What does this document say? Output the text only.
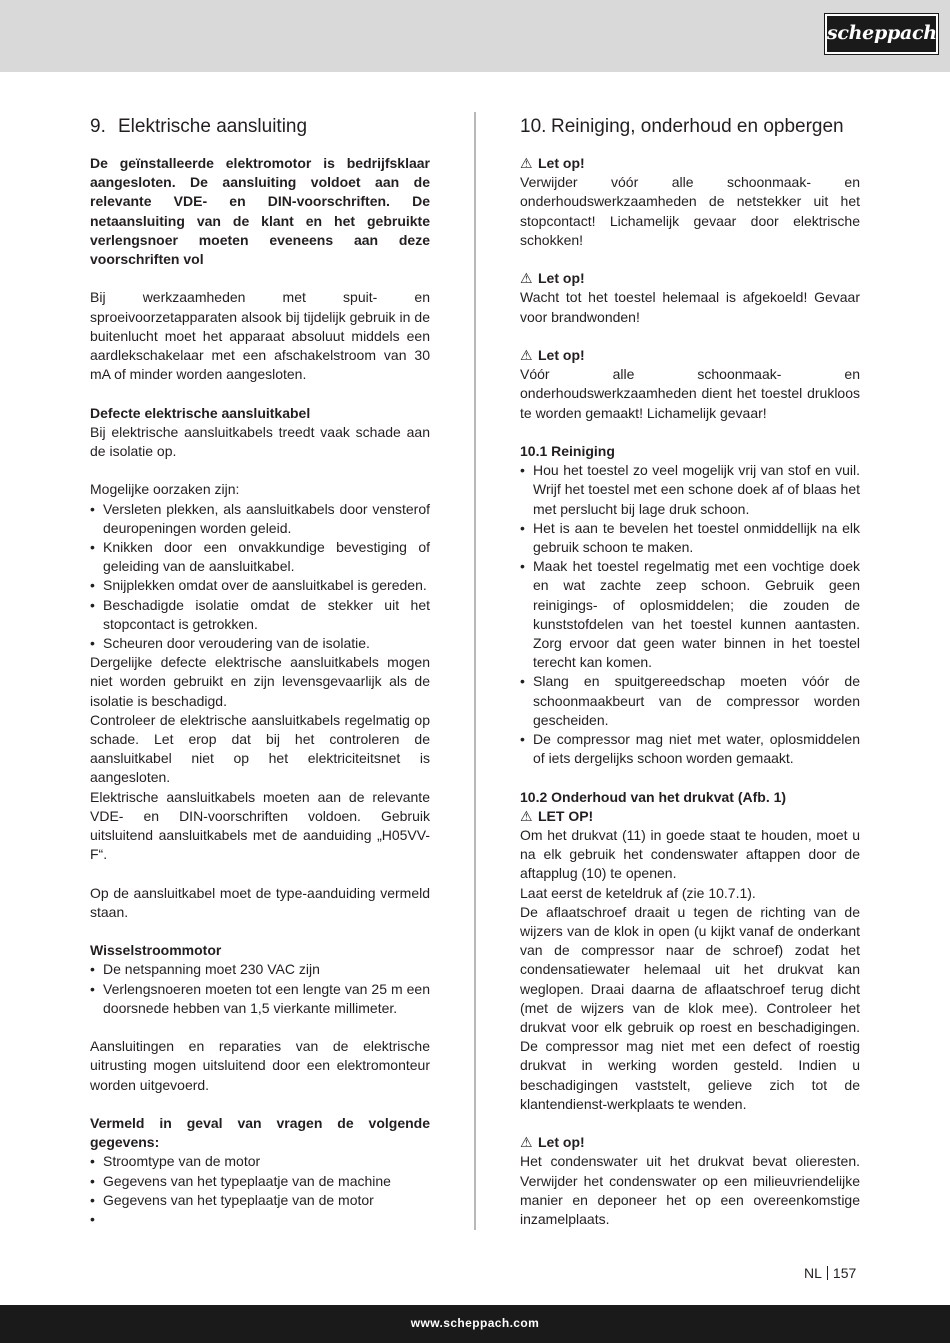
scheppach
9. Elektrische aansluiting

De geïnstalleerde elektromotor is bedrijfsklaar aangesloten. De aansluiting voldoet aan de relevante VDE- en DIN-voorschriften. De netaansluiting van de klant en het gebruikte verlengsnoer moeten eveneens aan deze voorschriften vol

Bij werkzaamheden met spuit- en sproeivoorzetapparaten alsook bij tijdelijk gebruik in de buitenlucht moet het apparaat absoluut middels een aardlekschakelaar met een afschakelstroom van 30 mA of minder worden aangesloten.

Defecte elektrische aansluitkabel

Bij elektrische aansluitkabels treedt vaak schade aan de isolatie op.

Mogelijke oorzaken zijn:

• Versleten plekken, als aansluitkabels door vensterof deuropeningen worden geleid.
• Knikken door een onvakkundige bevestiging of geleiding van de aansluitkabel.
• Snijplekken omdat over de aansluitkabel is gereden.
• Beschadigde isolatie omdat de stekker uit het stopcontact is getrokken.
• Scheuren door veroudering van de isolatie.

Dergelijke defecte elektrische aansluitkabels mogen niet worden gebruikt en zijn levensgevaarlijk als de isolatie is beschadigd.

Controleer de elektrische aansluitkabels regelmatig op schade. Let erop dat bij het controleren de aansluitkabel niet op het elektriciteitsnet is aangesloten.

Elektrische aansluitkabels moeten aan de relevante VDE- en DIN-voorschriften voldoen. Gebruik uitsluitend aansluitkabels met de aanduiding „H05VV-F“.

Op de aansluitkabel moet de type-aanduiding vermeld staan.

Wisselstroommotor

• De netspanning moet 230 VAC zijn
• Verlengsnoeren moeten tot een lengte van 25 m een doorsnede hebben van 1,5 vierkante millimeter.

Aansluitingen en reparaties van de elektrische uitrusting mogen uitsluitend door een elektromonteur worden uitgevoerd.

Vermeld in geval van vragen de volgende gegevens:

• Stroomtype van de motor
• Gegevens van het typeplaatje van de machine
• Gegevens van het typeplaatje van de motor
•
10. Reiniging, onderhoud en opbergen

⚠ Let op!

Verwijder vóór alle schoonmaak- en onderhoudswerkzaamheden de netstekker uit het stopcontact! Lichamelijk gevaar door elektrische schokken!

⚠ Let op!

Wacht tot het toestel helemaal is afgekoeld! Gevaar voor brandwonden!

⚠ Let op!

Vóór alle schoonmaak- en onderhoudswerkzaamheden dient het toestel drukloos te worden gemaakt! Lichamelijk gevaar!

10.1 Reiniging

• Hou het toestel zo veel mogelijk vrij van stof en vuil. Wrijf het toestel met een schone doek af of blaas het met perslucht bij lage druk schoon.
• Het is aan te bevelen het toestel onmiddellijk na elk gebruik schoon te maken.
• Maak het toestel regelmatig met een vochtige doek en wat zachte zeep schoon. Gebruik geen reinigings- of oplosmiddelen; die zouden de kunststofdelen van het toestel kunnen aantasten. Zorg ervoor dat geen water binnen in het toestel terecht kan komen.
• Slang en spuitgereedschap moeten vóór de schoonmaakbeurt van de compressor worden gescheiden.
• De compressor mag niet met water, oplosmiddelen of iets dergelijks schoon worden gemaakt.

10.2 Onderhoud van het drukvat (Afb. 1)

⚠ LET OP!

Om het drukvat (11) in goede staat te houden, moet u na elk gebruik het condenswater aftappen door de aftapplug (10) te openen.

Laat eerst de keteldruk af (zie 10.7.1).

De aflaatschroef draait u tegen de richting van de wijzers van de klok in open (u kijkt vanaf de onderkant van de compressor naar de schroef) zodat het condensatiewater helemaal uit het drukvat kan weglopen. Draai daarna de aflaatschroef terug dicht (met de wijzers van de klok mee). Controleer het drukvat voor elk gebruik op roest en beschadigingen. De compressor mag niet met een defect of roestig drukvat in werking worden gesteld. Indien u beschadigingen vaststelt, gelieve zich tot de klantendienst-werkplaats te wenden.

⚠ Let op!

Het condenswater uit het drukvat bevat olieresten. Verwijder het condenswater op een milieuvriendelijke manier en deponeer het op een overeenkomstige inzamelplaats.

NL 157
www.scheppach.com
